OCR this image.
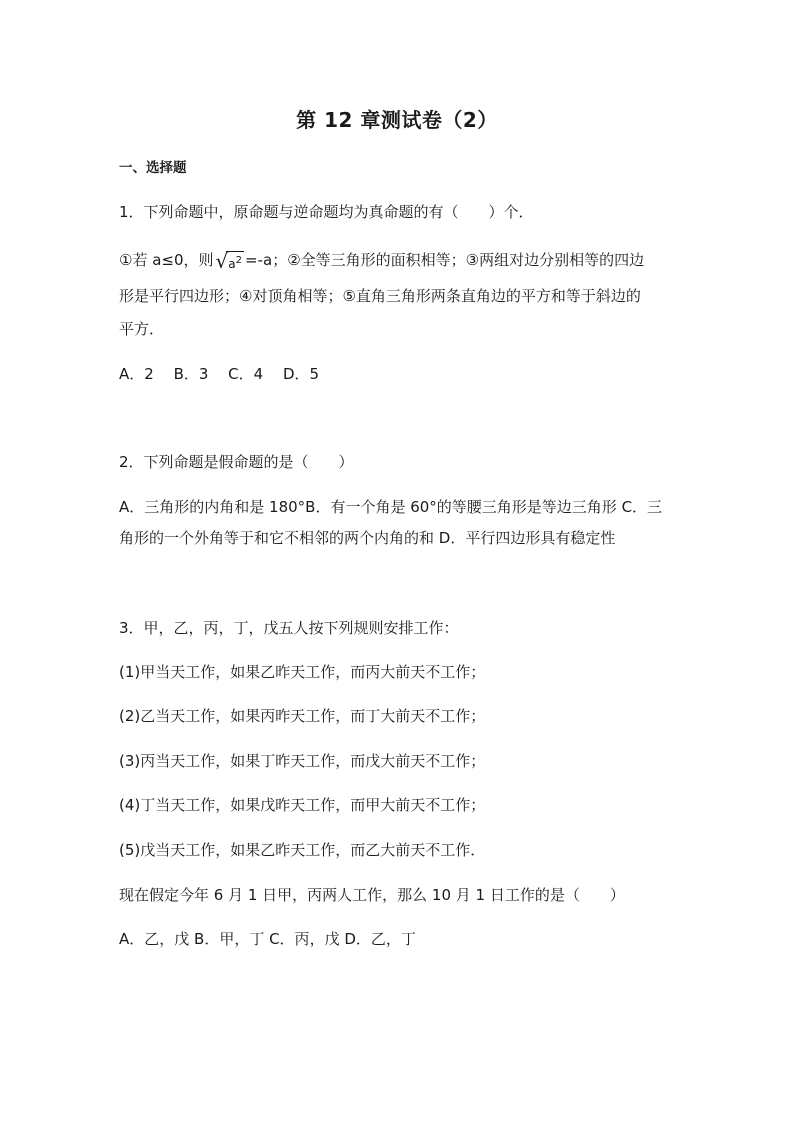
第 12 章测试卷（2）
一、选择题
1．下列命题中，原命题与逆命题均为真命题的有（　　）个．
①若 a≤0，则 $√a^2 =-a$；②全等三角形的面积相等；③两组对边分别相等的四边
形是平行四边形；④对顶角相等；⑤直角三角形两条直角边的平方和等于斜边的
平方．
A．2　 B．3　 C．4　 D．5
2．下列命题是假命题的是（　　）
A．三角形的内角和是 180°B．有一个角是 60°的等腰三角形是等边三角形 C．三
角形的一个外角等于和它不相邻的两个内角的和 D．平行四边形具有稳定性
3．甲，乙，丙，丁，戊五人按下列规则安排工作：
(1)甲当天工作，如果乙昨天工作，而丙大前天不工作；
(2)乙当天工作，如果丙昨天工作，而丁大前天不工作；
(3)丙当天工作，如果丁昨天工作，而戊大前天不工作；
(4)丁当天工作，如果戊昨天工作，而甲大前天不工作；
(5)戊当天工作，如果乙昨天工作，而乙大前天不工作．
现在假定今年 6 月 1 日甲，丙两人工作，那么 10 月 1 日工作的是（　　）
A．乙，戊 B．甲，丁 C．丙，戊 D．乙，丁
